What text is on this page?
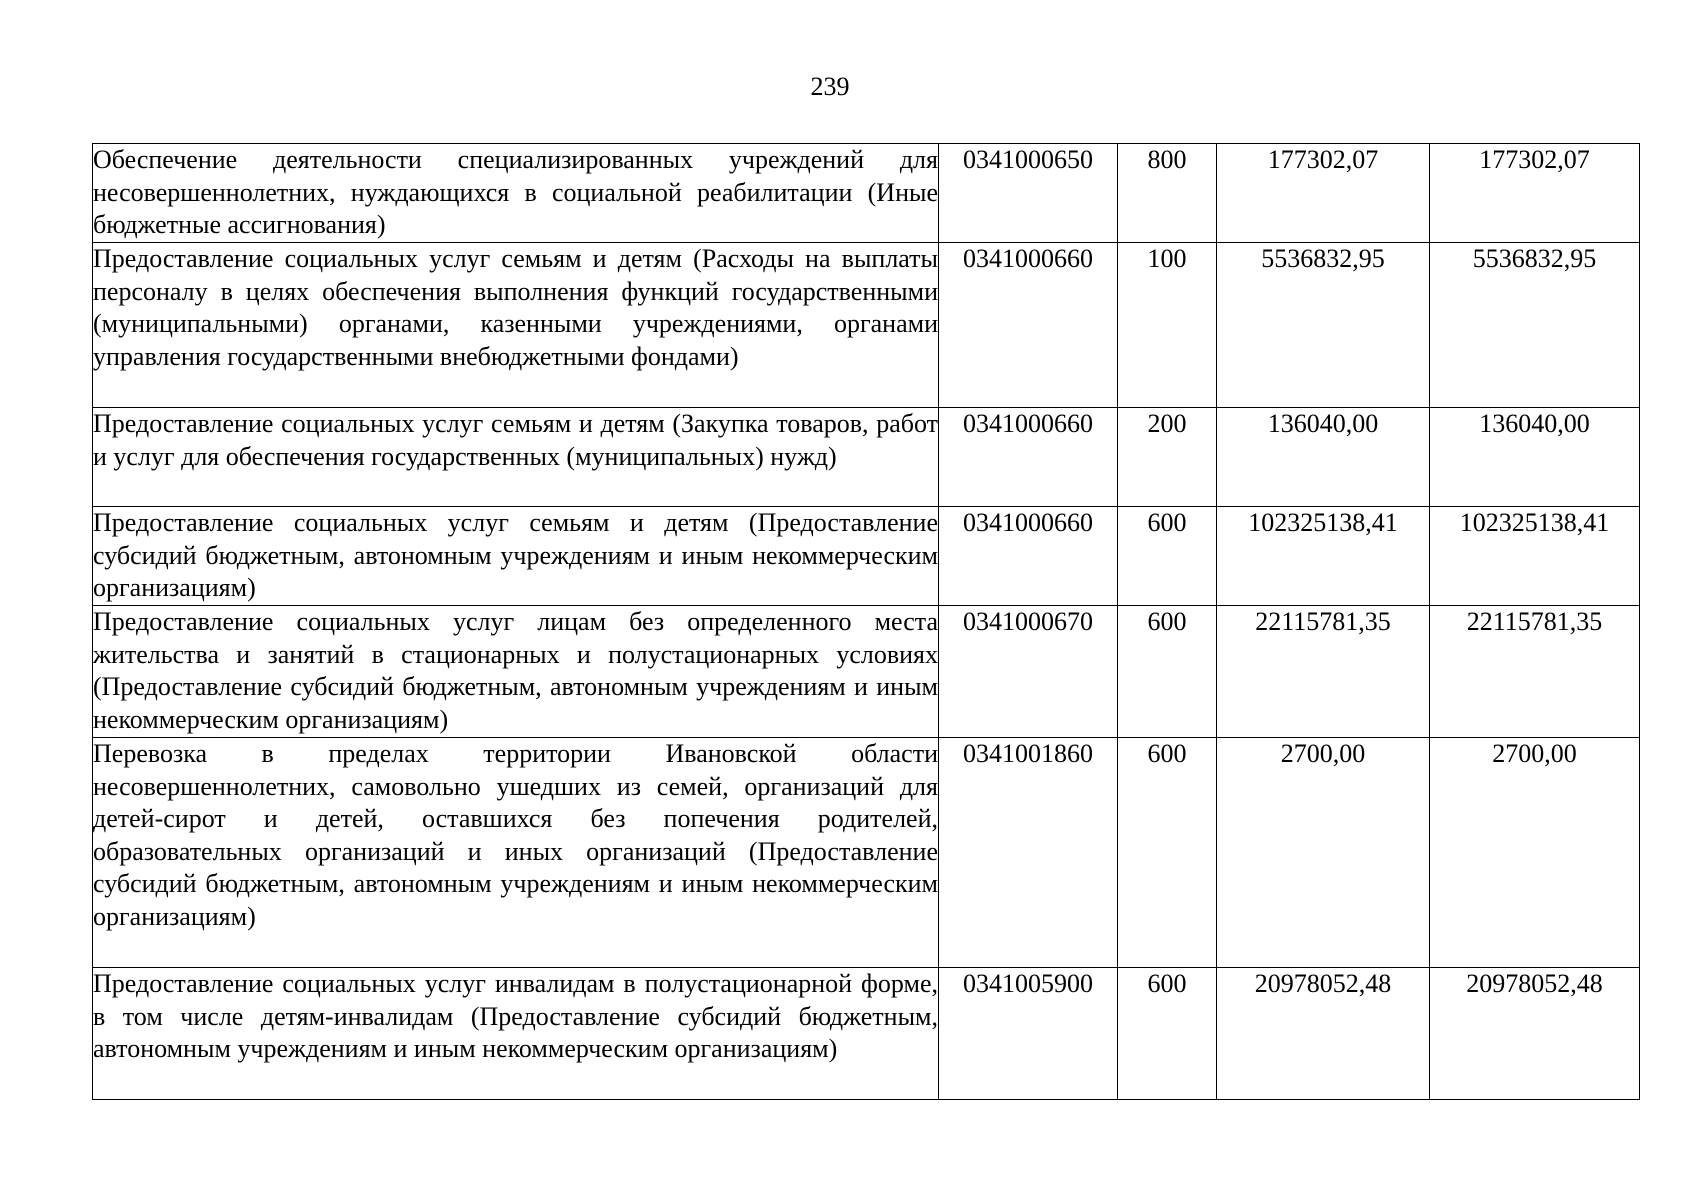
239
Обеспечение деятельности специализированных учреждений для несовершеннолетних, нуждающихся в социальной реабилитации (Иные бюджетные ассигнования)	0341000650	800	177302,07	177302,07
Предоставление социальных услуг семьям и детям (Расходы на выплаты персоналу в целях обеспечения выполнения функций государственными (муниципальными) органами, казенными учреждениями, органами управления государственными внебюджетными фондами)	0341000660	100	5536832,95	5536832,95
Предоставление социальных услуг семьям и детям (Закупка товаров, работ и услуг для обеспечения государственных (муниципальных) нужд)	0341000660	200	136040,00	136040,00
Предоставление социальных услуг семьям и детям (Предоставление субсидий бюджетным, автономным учреждениям и иным некоммерческим организациям)	0341000660	600	102325138,41	102325138,41
Предоставление социальных услуг лицам без определенного места жительства и занятий в стационарных и полустационарных условиях (Предоставление субсидий бюджетным, автономным учреждениям и иным некоммерческим организациям)	0341000670	600	22115781,35	22115781,35
Перевозка в пределах территории Ивановской области несовершеннолетних, самовольно ушедших из семей, организаций для детей-сирот и детей, оставшихся без попечения родителей, образовательных организаций и иных организаций (Предоставление субсидий бюджетным, автономным учреждениям и иным некоммерческим организациям)	0341001860	600	2700,00	2700,00
Предоставление социальных услуг инвалидам в полустационарной форме, в том числе детям-инвалидам (Предоставление субсидий бюджетным, автономным учреждениям и иным некоммерческим организациям)	0341005900	600	20978052,48	20978052,48
